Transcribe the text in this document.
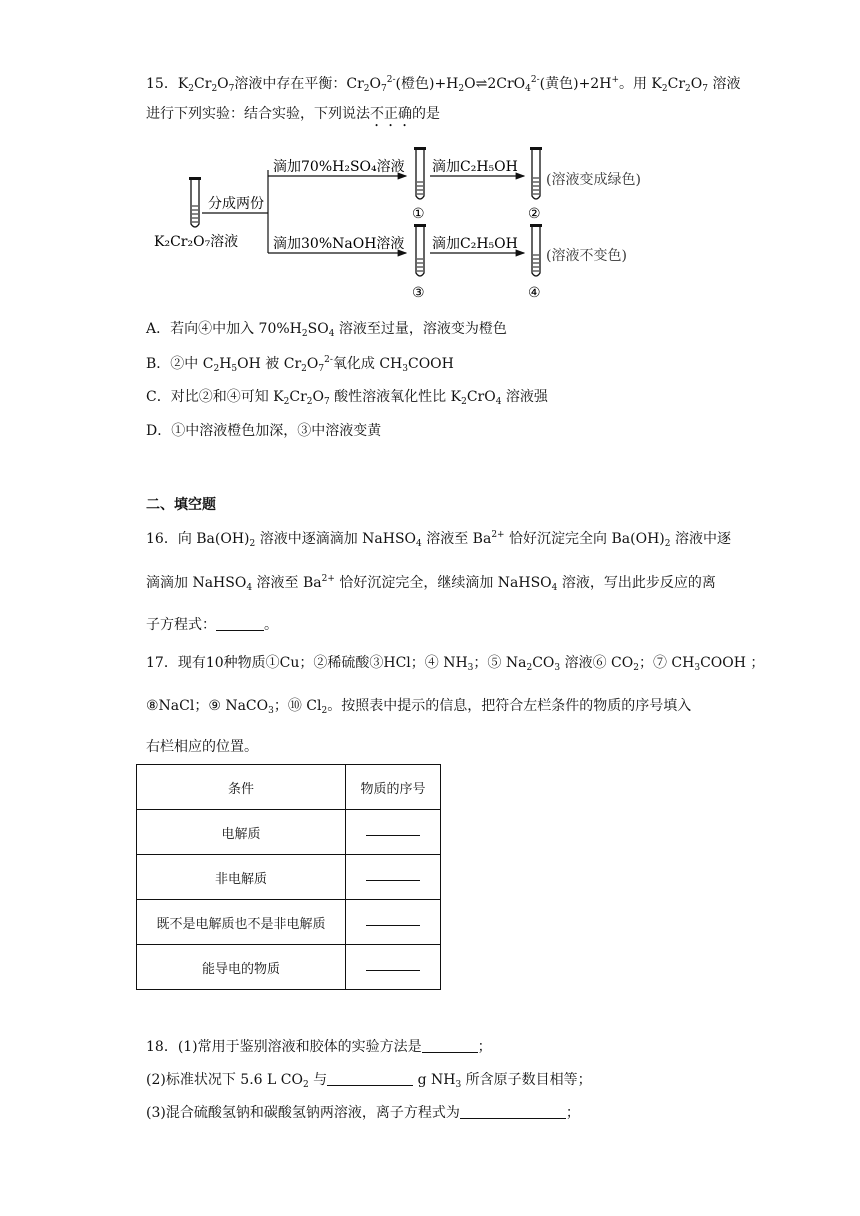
15．$K_2Cr_2O_7$溶液中存在平衡：$Cr_2O_7^{2-}$(橙色)$+H_2O\rightleftharpoons 2CrO_4^{2-}$(黄色)+2H+。用 $K_2Cr_2O_7$ 溶液
进行下列实验：结合实验，下列说法不正确的是
K₂Cr₂O₇溶液
分成两份
滴加70%H₂SO₄溶液
①
滴加C₂H₅OH
②
(溶液变成绿色)
滴加30%NaOH溶液
③
滴加C₂H₅OH
④
(溶液不变色)
A．若向④中加入 $70\%H_2SO_4$ 溶液至过量，溶液变为橙色
B．②中 $C_2H_5OH$ 被 $Cr_2O_7^{2-}$氧化成 $CH_3COOH$
C．对比②和④可知 $K_2Cr_2O_7$ 酸性溶液氧化性比 $K_2CrO_4$ 溶液强
D．①中溶液橙色加深，③中溶液变黄
二、填空题
16．向 $Ba(OH)_2$ 溶液中逐滴滴加 NaHSO$_4$ 溶液至 $Ba^{2+}$ 恰好沉淀完全向 $Ba(OH)_2$ 溶液中逐
滴滴加 NaHSO$_4$ 溶液至 $Ba^{2+}$ 恰好沉淀完全，继续滴加 NaHSO$_4$ 溶液，写出此步反应的离
子方程式：	。
17．现有10种物质①Cu；②稀硫酸③HCl；④ $NH_3$；⑤ $Na_2CO_3$ 溶液⑥ $CO_2$；⑦ $CH_3COOH$ ；
⑧NaCl；⑨ NaCO$_3$；⑩ $Cl_2$。按照表中提示的信息，把符合左栏条件的物质的序号填入
右栏相应的位置。
条件	物质的序号
电解质	
非电解质	
既不是电解质也不是非电解质	
能导电的物质	
18．(1)常用于鉴别溶液和胶体的实验方法是	；
(2)标准状况下 5.6 L $CO_2$ 与	g $NH_3$ 所含原子数目相等；
(3)混合硫酸氢钠和碳酸氢钠两溶液，离子方程式为	；
